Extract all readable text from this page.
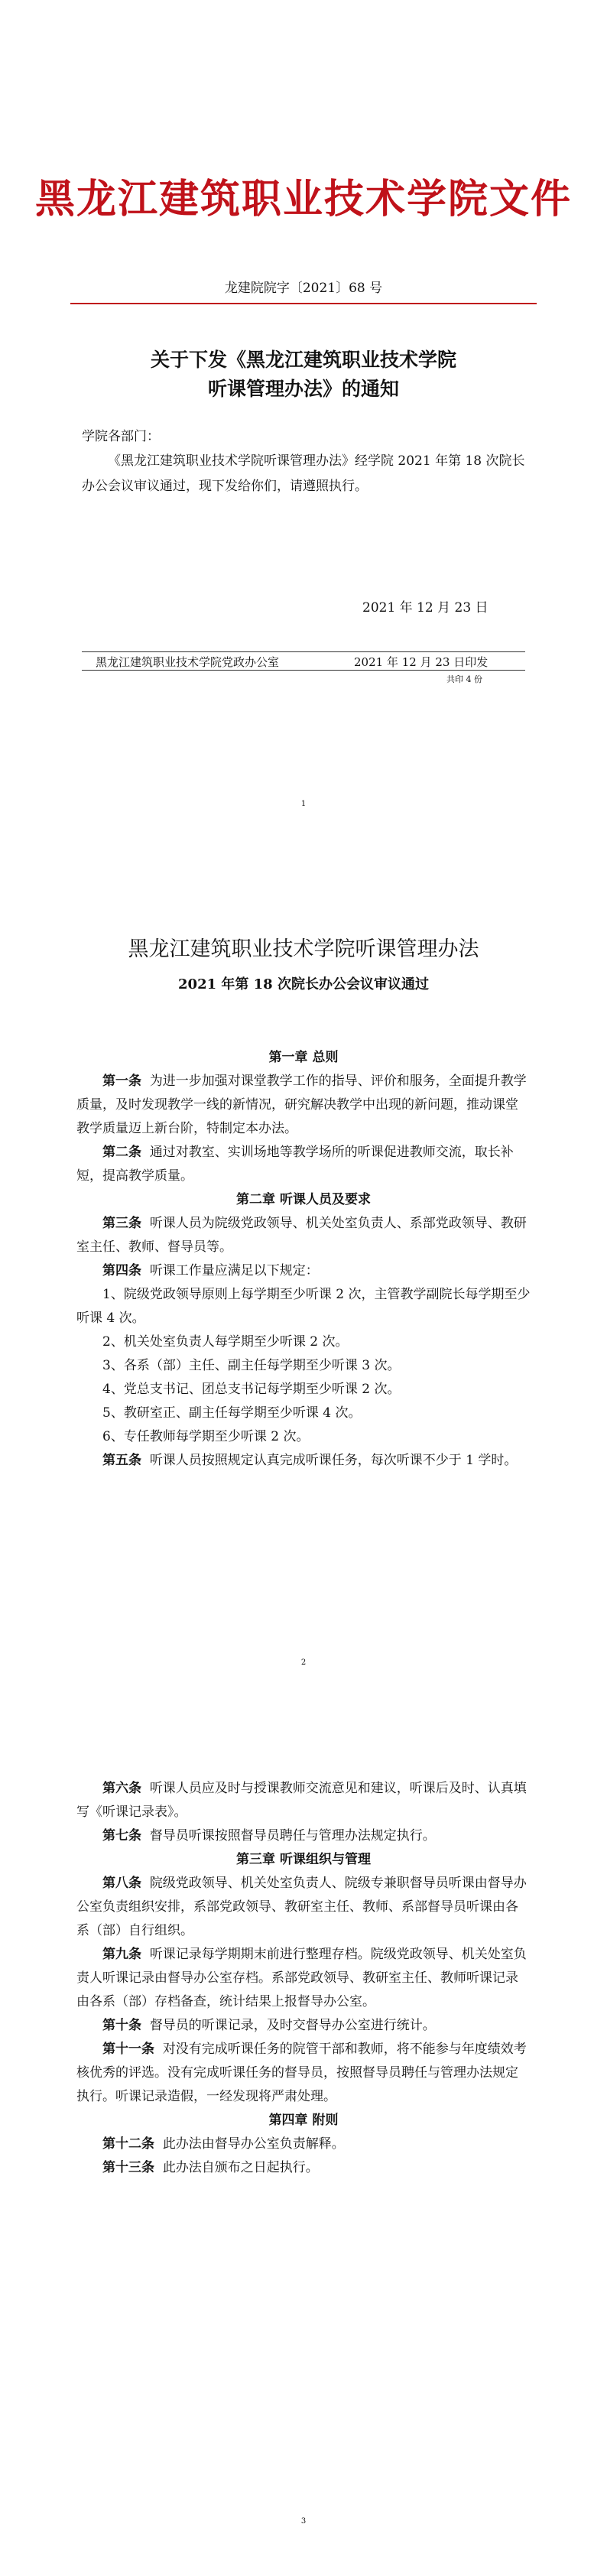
黑龙江建筑职业技术学院文件
龙建院院字〔2021〕68 号
关于下发《黑龙江建筑职业技术学院
听课管理办法》的通知
学院各部门：
《黑龙江建筑职业技术学院听课管理办法》经学院 2021 年第 18 次院长办公会议审议通过，现下发给你们，请遵照执行。
2021 年 12 月 23 日
黑龙江建筑职业技术学院党政办公室	2021 年 12 月 23 日印发
共印 4 份
1
黑龙江建筑职业技术学院听课管理办法
2021 年第 18 次院长办公会议审议通过
第一章 总则

第一条 为进一步加强对课堂教学工作的指导、评价和服务，全面提升教学质量，及时发现教学一线的新情况，研究解决教学中出现的新问题，推动课堂教学质量迈上新台阶，特制定本办法。

第二条 通过对教室、实训场地等教学场所的听课促进教师交流，取长补短，提高教学质量。

第二章 听课人员及要求

第三条 听课人员为院级党政领导、机关处室负责人、系部党政领导、教研室主任、教师、督导员等。

第四条 听课工作量应满足以下规定：

1、院级党政领导原则上每学期至少听课 2 次，主管教学副院长每学期至少听课 4 次。

2、机关处室负责人每学期至少听课 2 次。

3、各系（部）主任、副主任每学期至少听课 3 次。

4、党总支书记、团总支书记每学期至少听课 2 次。

5、教研室正、副主任每学期至少听课 4 次。

6、专任教师每学期至少听课 2 次。

第五条 听课人员按照规定认真完成听课任务，每次听课不少于 1 学时。

2

第六条 听课人员应及时与授课教师交流意见和建议，听课后及时、认真填写《听课记录表》。

第七条 督导员听课按照督导员聘任与管理办法规定执行。

第三章 听课组织与管理

第八条 院级党政领导、机关处室负责人、院级专兼职督导员听课由督导办公室负责组织安排，系部党政领导、教研室主任、教师、系部督导员听课由各系（部）自行组织。

第九条 听课记录每学期期末前进行整理存档。院级党政领导、机关处室负责人听课记录由督导办公室存档。系部党政领导、教研室主任、教师听课记录由各系（部）存档备查，统计结果上报督导办公室。

第十条 督导员的听课记录，及时交督导办公室进行统计。

第十一条 对没有完成听课任务的院管干部和教师，将不能参与年度绩效考核优秀的评选。没有完成听课任务的督导员，按照督导员聘任与管理办法规定执行。听课记录造假，一经发现将严肃处理。

第四章 附则

第十二条 此办法由督导办公室负责解释。

第十三条 此办法自颁布之日起执行。

3
